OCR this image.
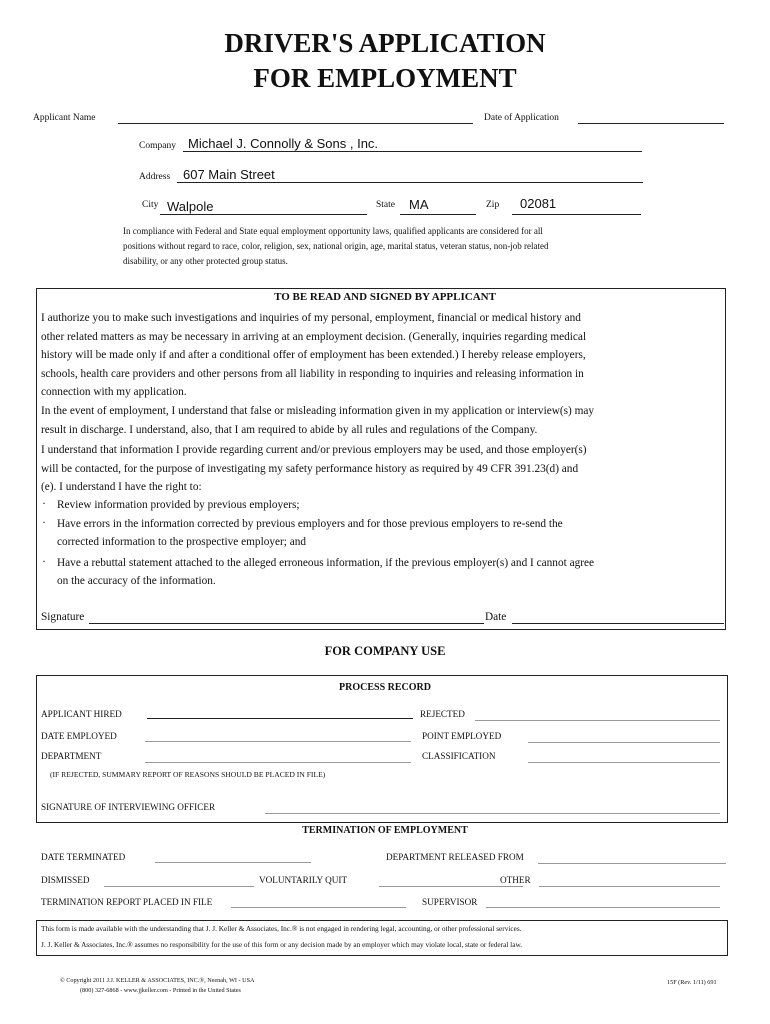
DRIVER'S APPLICATION
FOR EMPLOYMENT
Applicant Name	Date of Application
Company Michael J. Connolly & Sons , Inc.
Address 607 Main Street
City Walpole	State MA	Zip 02081
In compliance with Federal and State equal employment opportunity laws, qualified applicants are considered for all
positions without regard to race, color, religion, sex, national origin, age, marital status, veteran status, non-job related
disability, or any other protected group status.
TO BE READ AND SIGNED BY APPLICANT
I authorize you to make such investigations and inquiries of my personal, employment, financial or medical history and
other related matters as may be necessary in arriving at an employment decision. (Generally, inquiries regarding medical
history will be made only if and after a conditional offer of employment has been extended.) I hereby release employers,
schools, health care providers and other persons from all liability in responding to inquiries and releasing information in
connection with my application.
In the event of employment, I understand that false or misleading information given in my application or interview(s) may
result in discharge. I understand, also, that I am required to abide by all rules and regulations of the Company.
I understand that information I provide regarding current and/or previous employers may be used, and those employer(s)
will be contacted, for the purpose of investigating my safety performance history as required by 49 CFR 391.23(d) and
(e). I understand I have the right to:
· Review information provided by previous employers;
· Have errors in the information corrected by previous employers and for those previous employers to re-send the
corrected information to the prospective employer; and
· Have a rebuttal statement attached to the alleged erroneous information, if the previous employer(s) and I cannot agree
on the accuracy of the information.
Signature	Date
FOR COMPANY USE
PROCESS RECORD
APPLICANT HIRED	REJECTED
DATE EMPLOYED	POINT EMPLOYED
DEPARTMENT	CLASSIFICATION
(IF REJECTED, SUMMARY REPORT OF REASONS SHOULD BE PLACED IN FILE)
SIGNATURE OF INTERVIEWING OFFICER
TERMINATION OF EMPLOYMENT
DATE TERMINATED	DEPARTMENT RELEASED FROM
DISMISSED	VOLUNTARILY QUIT	OTHER
TERMINATION REPORT PLACED IN FILE	SUPERVISOR
This form is made available with the understanding that J. J. Keller & Associates, Inc.® is not engaged in rendering legal, accounting, or other professional services.
J. J. Keller & Associates, Inc.® assumes no responsibility for the use of this form or any decision made by an employer which may violate local, state or federal law.
© Copyright 2011 J.J. KELLER & ASSOCIATES, INC.®, Neenah, WI - USA
(800) 327-6868 - www.jjkeller.com - Printed in the United States
15F (Rev. 1/11) 691
